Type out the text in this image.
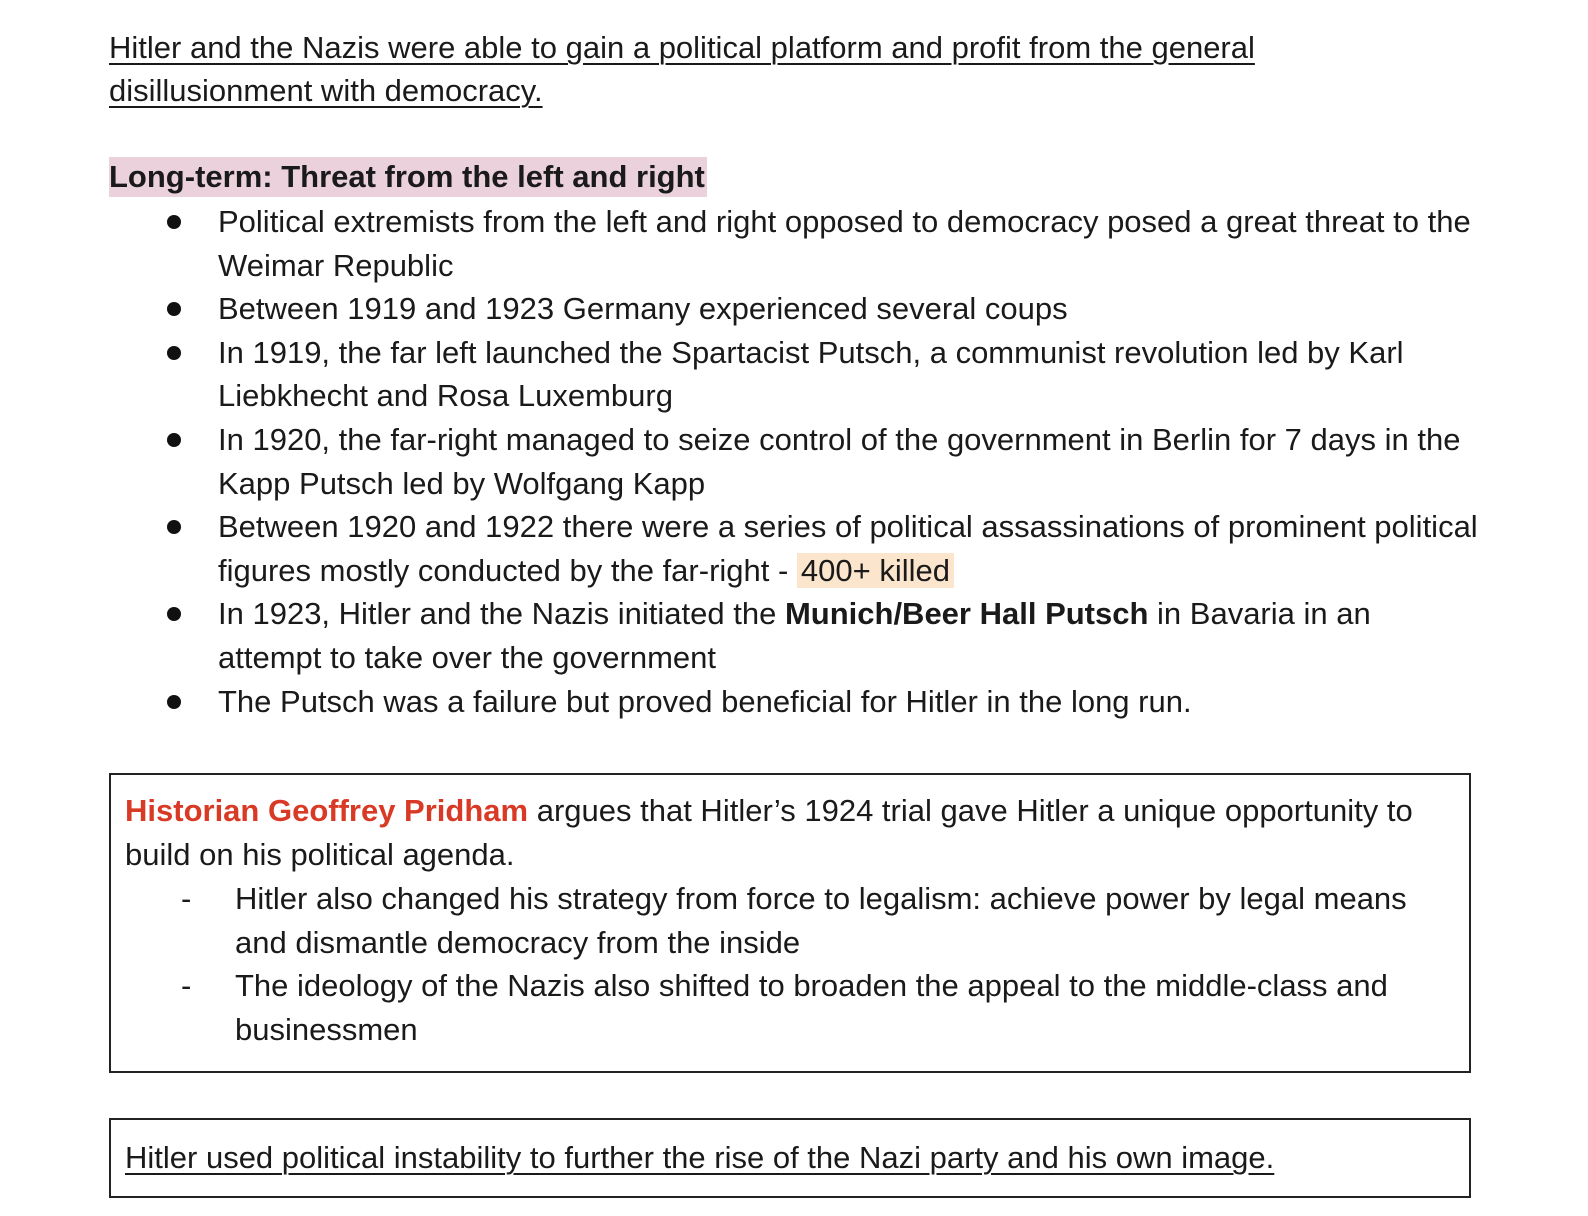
Hitler and the Nazis were able to gain a political platform and profit from the general disillusionment with democracy.
Long-term: Threat from the left and right
Political extremists from the left and right opposed to democracy posed a great threat to the Weimar Republic
Between 1919 and 1923 Germany experienced several coups
In 1919, the far left launched the Spartacist Putsch, a communist revolution led by Karl Liebkhecht and Rosa Luxemburg
In 1920, the far-right managed to seize control of the government in Berlin for 7 days in the Kapp Putsch led by Wolfgang Kapp
Between 1920 and 1922 there were a series of political assassinations of prominent political figures mostly conducted by the far-right - 400+ killed
In 1923, Hitler and the Nazis initiated the Munich/Beer Hall Putsch in Bavaria in an attempt to take over the government
The Putsch was a failure but proved beneficial for Hitler in the long run.
Historian Geoffrey Pridham argues that Hitler’s 1924 trial gave Hitler a unique opportunity to build on his political agenda.
- Hitler also changed his strategy from force to legalism: achieve power by legal means and dismantle democracy from the inside
- The ideology of the Nazis also shifted to broaden the appeal to the middle-class and businessmen
Hitler used political instability to further the rise of the Nazi party and his own image.
